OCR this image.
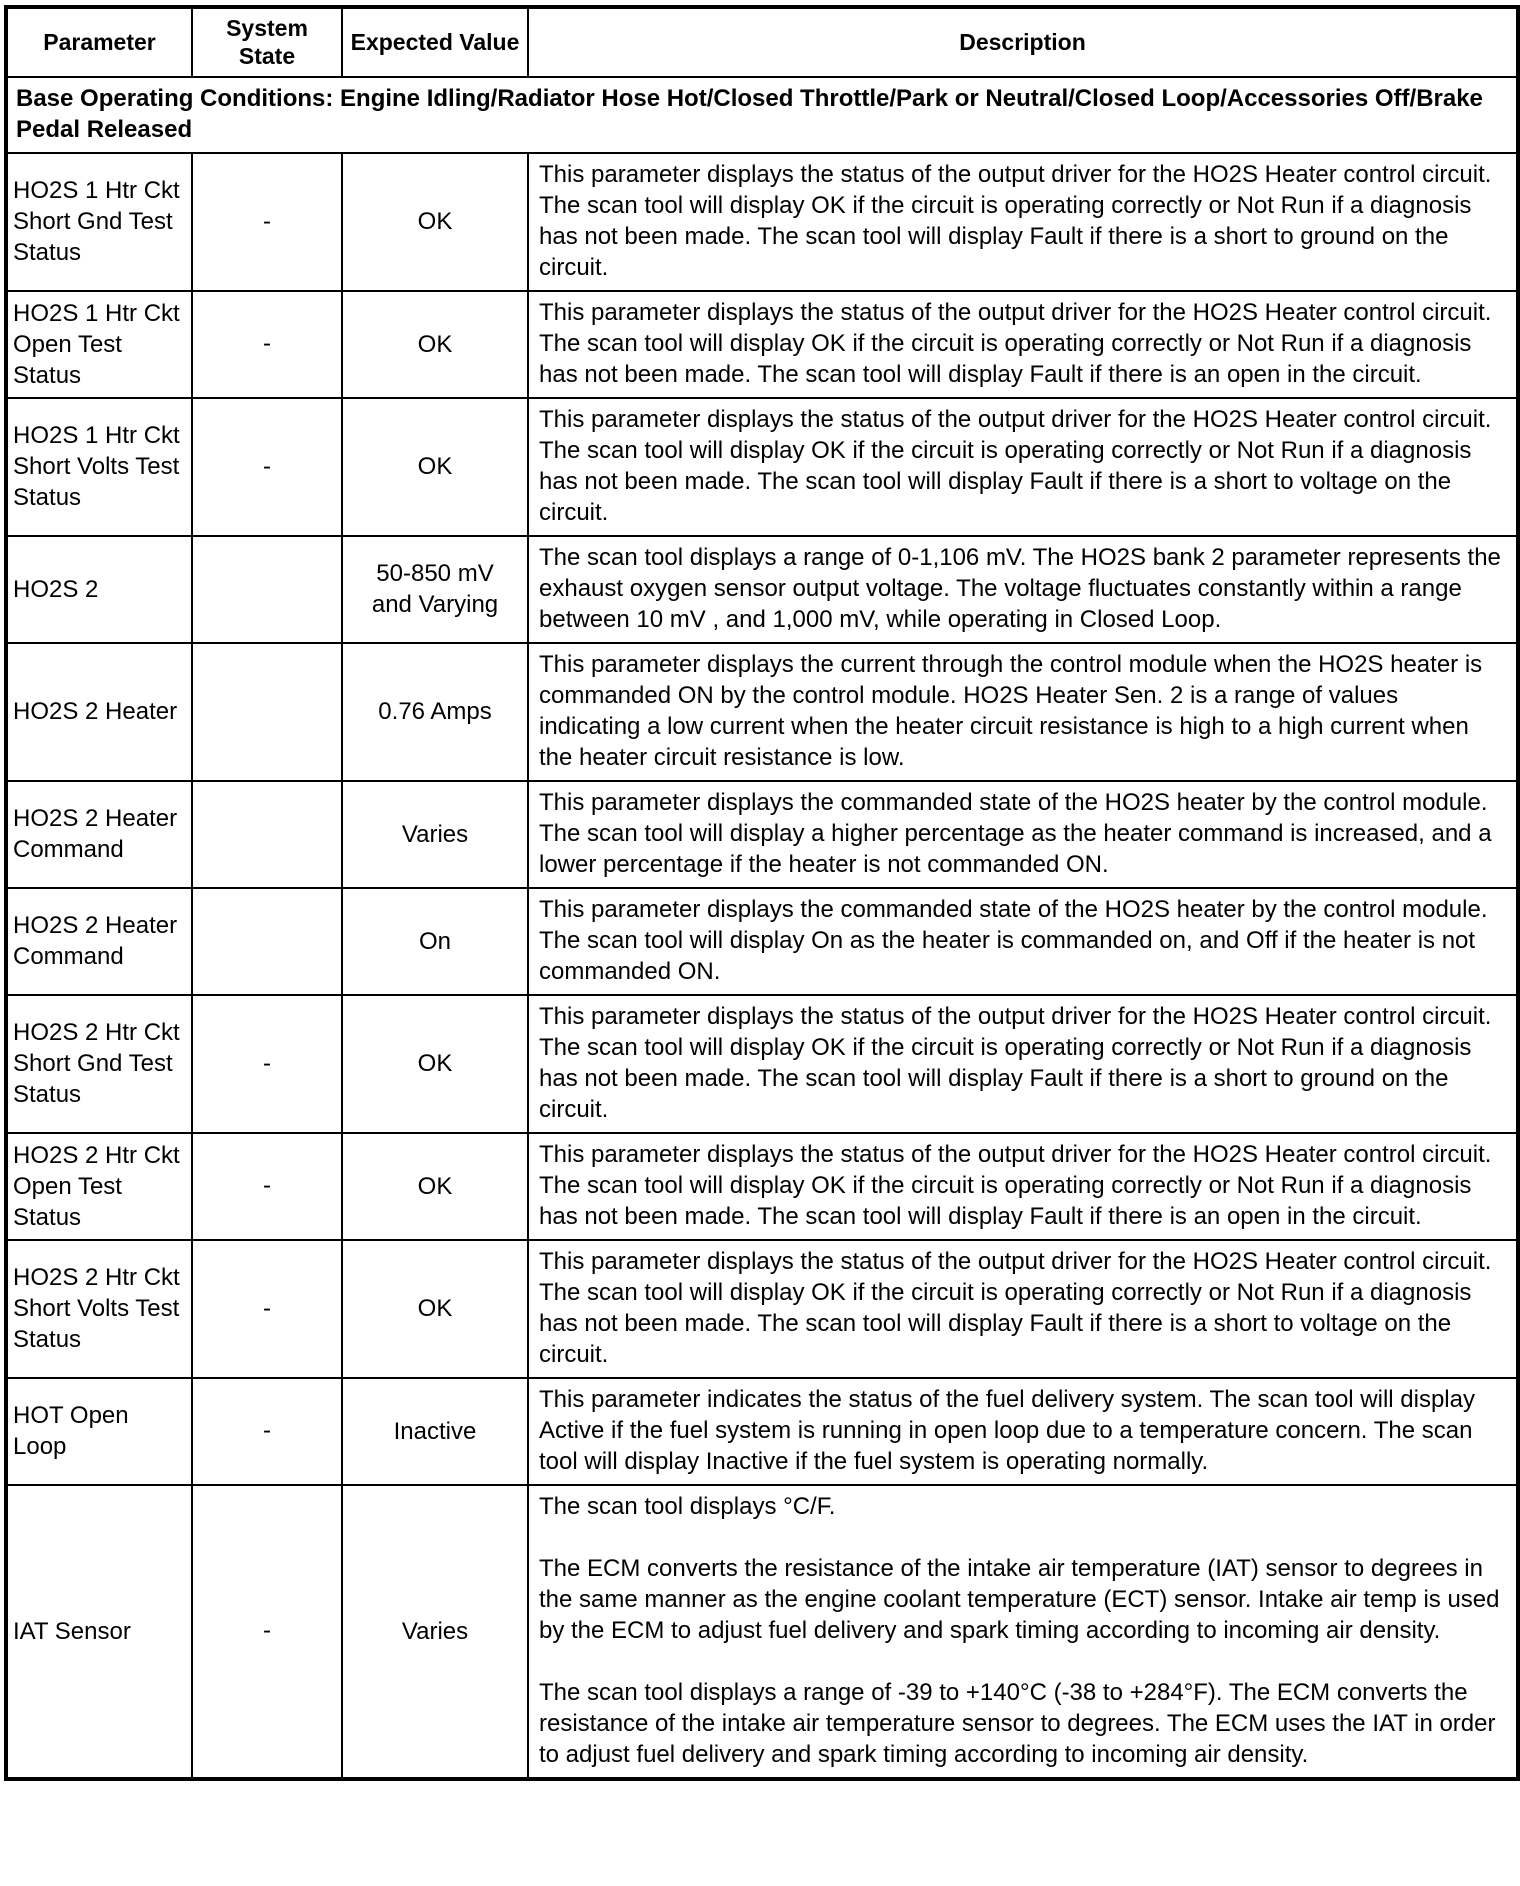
Parameter	System State	Expected Value	Description
Base Operating Conditions: Engine Idling/Radiator Hose Hot/Closed Throttle/Park or Neutral/Closed Loop/Accessories Off/Brake Pedal Released			
HO2S 1 Htr Ckt Short Gnd Test Status	-	OK	This parameter displays the status of the output driver for the HO2S Heater control circuit. The scan tool will display OK if the circuit is operating correctly or Not Run if a diagnosis has not been made. The scan tool will display Fault if there is a short to ground on the circuit.

HO2S 1 Htr Ckt Open Test Status	-	OK	This parameter displays the status of the output driver for the HO2S Heater control circuit. The scan tool will display OK if the circuit is operating correctly or Not Run if a diagnosis has not been made. The scan tool will display Fault if there is an open in the circuit.

HO2S 1 Htr Ckt Short Volts Test Status	-	OK	This parameter displays the status of the output driver for the HO2S Heater control circuit. The scan tool will display OK if the circuit is operating correctly or Not Run if a diagnosis has not been made. The scan tool will display Fault if there is a short to voltage on the circuit.

HO2S 2		50-850 mV and Varying	The scan tool displays a range of 0-1,106 mV. The HO2S bank 2 parameter represents the exhaust oxygen sensor output voltage. The voltage fluctuates constantly within a range between 10 mV , and 1,000 mV, while operating in Closed Loop.

HO2S 2 Heater		0.76 Amps	This parameter displays the current through the control module when the HO2S heater is commanded ON by the control module. HO2S Heater Sen. 2 is a range of values indicating a low current when the heater circuit resistance is high to a high current when the heater circuit resistance is low.

HO2S 2 Heater Command		Varies	This parameter displays the commanded state of the HO2S heater by the control module. The scan tool will display a higher percentage as the heater command is increased, and a lower percentage if the heater is not commanded ON.

HO2S 2 Heater Command		On	This parameter displays the commanded state of the HO2S heater by the control module. The scan tool will display On as the heater is commanded on, and Off if the heater is not commanded ON.

HO2S 2 Htr Ckt Short Gnd Test Status	-	OK	This parameter displays the status of the output driver for the HO2S Heater control circuit. The scan tool will display OK if the circuit is operating correctly or Not Run if a diagnosis has not been made. The scan tool will display Fault if there is a short to ground on the circuit.

HO2S 2 Htr Ckt Open Test Status	-	OK	This parameter displays the status of the output driver for the HO2S Heater control circuit. The scan tool will display OK if the circuit is operating correctly or Not Run if a diagnosis has not been made. The scan tool will display Fault if there is an open in the circuit.

HO2S 2 Htr Ckt Short Volts Test Status	-	OK	This parameter displays the status of the output driver for the HO2S Heater control circuit. The scan tool will display OK if the circuit is operating correctly or Not Run if a diagnosis has not been made. The scan tool will display Fault if there is a short to voltage on the circuit.

HOT Open Loop	-	Inactive	This parameter indicates the status of the fuel delivery system. The scan tool will display Active if the fuel system is running in open loop due to a temperature concern. The scan tool will display Inactive if the fuel system is operating normally.

IAT Sensor	-	Varies	The scan tool displays °C/F.
The ECM converts the resistance of the intake air temperature (IAT) sensor to degrees in the same manner as the engine coolant temperature (ECT) sensor. Intake air temp is used by the ECM to adjust fuel delivery and spark timing according to incoming air density.
The scan tool displays a range of -39 to +140°C (-38 to +284°F). The ECM converts the resistance of the intake air temperature sensor to degrees. The ECM uses the IAT in order to adjust fuel delivery and spark timing according to incoming air density.
